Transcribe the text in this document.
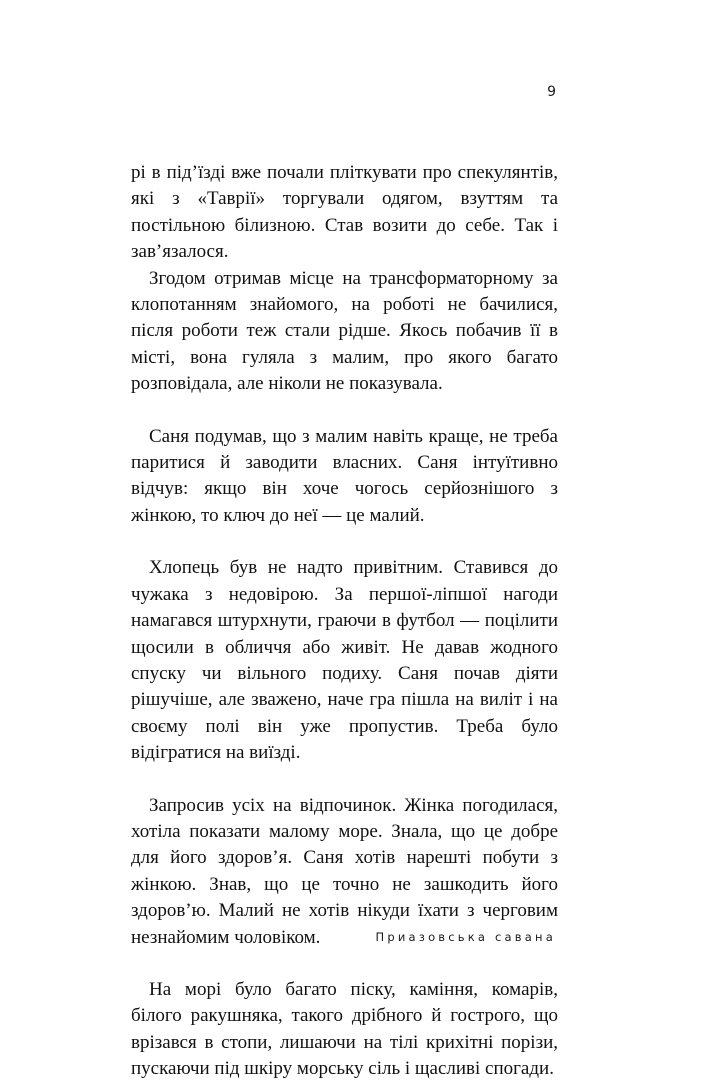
9

рі в під’їзді вже почали пліткувати про спекулянтів, які з «Таврії» торгували одягом, взуттям та постільною білизною. Став возити до себе. Так і зав’язалося.

Згодом отримав місце на трансформаторному за клопотанням знайомого, на роботі не бачилися, після роботи теж стали рідше. Якось побачив її в місті, вона гуляла з малим, про якого багато розповідала, але ніколи не показувала.

Саня подумав, що з малим навіть краще, не треба паритися й заводити власних. Саня інтуїтивно відчув: якщо він хоче чогось серйознішого з жінкою, то ключ до неї — це малий.

Хлопець був не надто привітним. Ставився до чужака з недовірою. За першої-ліпшої нагоди намагався штурхнути, граючи в футбол — поцілити щосили в обличчя або живіт. Не давав жодного спуску чи вільного подиху. Саня почав діяти рішучіше, але зважено, наче гра пішла на виліт і на своєму полі він уже пропустив. Треба було відігратися на виїзді.

Запросив усіх на відпочинок. Жінка погодилася, хотіла показати малому море. Знала, що це добре для його здоров’я. Саня хотів нарешті побути з жінкою. Знав, що це точно не зашкодить його здоров’ю. Малий не хотів нікуди їхати з черговим незнайомим чоловіком.

На морі було багато піску, каміння, комарів, білого ракушняка, такого дрібного й гострого, що врізався в стопи, лишаючи на тілі крихітні порізи, пускаючи під шкіру морську сіль і щасливі спогади.

Приазовська савана
